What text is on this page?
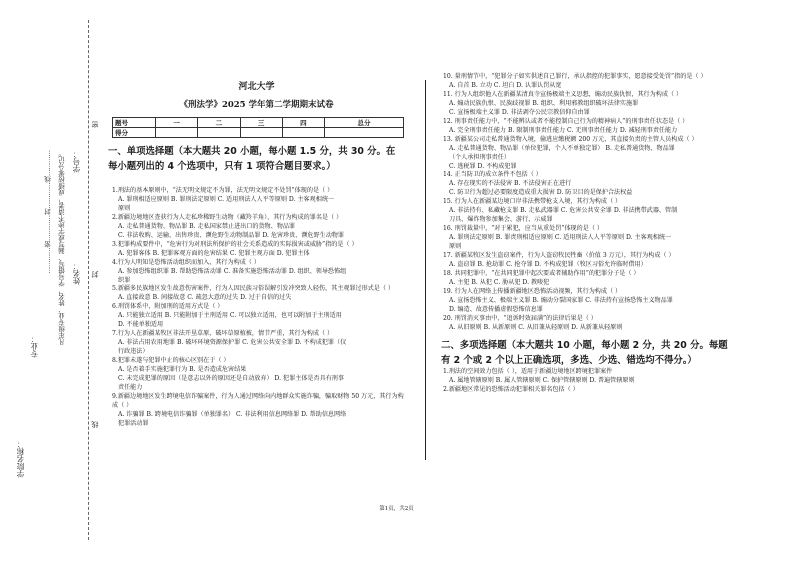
学号：
姓名：
凡年级专业、姓名、学号错写、漏写或字迹不清者，成绩按零分记。
…………密…………封…………线…………
专业：
学院名称：
密
封
线
河北大学
《刑法学》2025 学年第二学期期末试卷
题号	一	二	三	四	总分
得分					
一、单项选择题（本大题共 20 小题，每小题 1.5 分，共 30 分。在
每小题列出的 4 个选项中，只有 1 项符合题目要求。）
1.刑法的基本原则中，“法无明文规定不为罪，法无明文规定不处罚”体现的是（ ）
A. 罪刑相适应原则 B. 罪刑法定原则 C. 适用刑法人人平等原则 D. 主客观相统一
原则
2.新疆边境地区查获行为人走私珍稀野生动物（藏羚羊角），其行为构成的罪名是（ ）
A. 走私普通货物、物品罪 B. 走私国家禁止进出口的货物、物品罪
C. 非法收购、运输、出售珍贵、濒危野生动物制品罪 D. 危害珍贵、濒危野生动物罪
3.犯罪构成要件中，“危害行为对刑法所保护的社会关系造成的实际损害或威胁”指的是（ ）
A. 犯罪客体 B. 犯罪客观方面的危害结果 C. 犯罪主观方面 D. 犯罪主体
4.行为人明知是恐怖活动组织而加入，其行为构成（ ）
A. 参加恐怖组织罪 B. 帮助恐怖活动罪 C. 准备实施恐怖活动罪 D. 组织、领导恐怖组
织罪
5.新疆多民族地区发生故意伤害案件，行为人因民族习俗误解引发冲突致人轻伤，其主观罪过形式是（ ）
A. 直接故意 B. 间接故意 C. 疏忽大意的过失 D. 过于自信的过失
6.刑罚体系中，附加刑的适用方式是（ ）
A. 只能独立适用 B. 只能附加于主刑适用 C. 可以独立适用，也可以附加于主刑适用
D. 不能单独适用
7.行为人在新疆某牧区非法开垦草原，破坏草原植被，情节严重，其行为构成（ ）
A. 非法占用农用地罪 B. 破坏环境资源保护罪 C. 危害公共安全罪 D. 不构成犯罪（仅
行政违法）
8.犯罪未遂与犯罪中止的核心区别在于（ ）
A. 是否着手实施犯罪行为 B. 是否造成危害结果
C. 未完成犯罪的原因（是意志以外的原因还是自动放弃） D. 犯罪主体是否具有刑事
责任能力
9.新疆边境地区发生跨境电信诈骗案件，行为人通过网络向内地群众实施诈骗，骗取财物 50 万元，其行为构成（ ）
A. 诈骗罪 B. 跨境电信诈骗罪（单独罪名） C. 非法利用信息网络罪 D. 帮助信息网络
犯罪活动罪
10. 量刑情节中，“犯罪分子如实供述自己罪行，承认指控的犯罪事实，愿意接受处罚”指的是（ ）
A. 自首 B. 立功 C. 坦白 D. 认罪认罚从宽
11. 行为人组织他人在新疆某清真寺宣扬极端主义思想，煽动民族仇恨，其行为构成（ ）
A. 煽动民族仇恨、民族歧视罪 B. 组织、利用邪教组织破坏法律实施罪
C. 宣扬极端主义罪 D. 非法剥夺公民宗教信仰自由罪
12. 刑事责任能力中，“不能辨认或者不能控制自己行为的精神病人”的刑事责任状态是（ ）
A. 完全刑事责任能力 B. 限制刑事责任能力 C. 无刑事责任能力 D. 减轻刑事责任能力
13. 新疆某公司走私普通货物入境，偷逃应缴税额 200 万元，其直接负责的主管人员构成（ ）
A. 走私普通货物、物品罪（单位犯罪，个人不单独定罪） B. 走私普通货物、物品罪
（个人承担刑事责任）
C. 逃税罪 D. 不构成犯罪
14. 正当防卫的成立条件不包括（ ）
A. 存在现实的不法侵害 B. 不法侵害正在进行
C. 防卫行为超过必要限度造成重大损害 D. 防卫目的是保护合法权益
15. 行为人在新疆某边境口岸非法携带枪支入境，其行为构成（ ）
A. 非法持有、私藏枪支罪 B. 走私武器罪 C. 危害公共安全罪 D. 非法携带武器、管制
刀具、爆炸物参加集会、游行、示威罪
16. 刑罚裁量中，“对于累犯，应当从重处罚”体现的是（ ）
A. 罪刑法定原则 B. 罪责刑相适应原则 C. 适用刑法人人平等原则 D. 主客观相统一
原则
17. 新疆某牧区发生盗窃案件，行为人盗窃牧民牲畜（价值 3 万元），其行为构成（ ）
A. 盗窃罪 B. 抢劫罪 C. 抢夺罪 D. 不构成犯罪（牧区习俗允许临时借用）
18. 共同犯罪中，“在共同犯罪中起次要或者辅助作用”的犯罪分子是（ ）
A. 主犯 B. 从犯 C. 胁从犯 D. 教唆犯
19. 行为人在网络上传播新疆地区恐怖活动视频，其行为构成（ ）
A. 宣扬恐怖主义、极端主义罪 B. 煽动分裂国家罪 C. 非法持有宣扬恐怖主义物品罪
D. 编造、故意传播虚假恐怖信息罪
20. 刑罚消灭事由中，“追诉时效届满”的法律后果是（ ）
A. 从旧原则 B. 从新原则 C. 从旧兼从轻原则 D. 从新兼从轻原则
二、多项选择题（本大题共 10 小题，每小题 2 分，共 20 分。每题
有 2 个或 2 个以上正确选项，多选、少选、错选均不得分。）
1.刑法的空间效力包括（ ），适用于新疆边境地区跨境犯罪案件
A. 属地管辖原则 B. 属人管辖原则 C. 保护管辖原则 D. 普遍管辖原则
2.新疆地区常见的恐怖活动犯罪相关罪名包括（ ）
第1页，共2页
